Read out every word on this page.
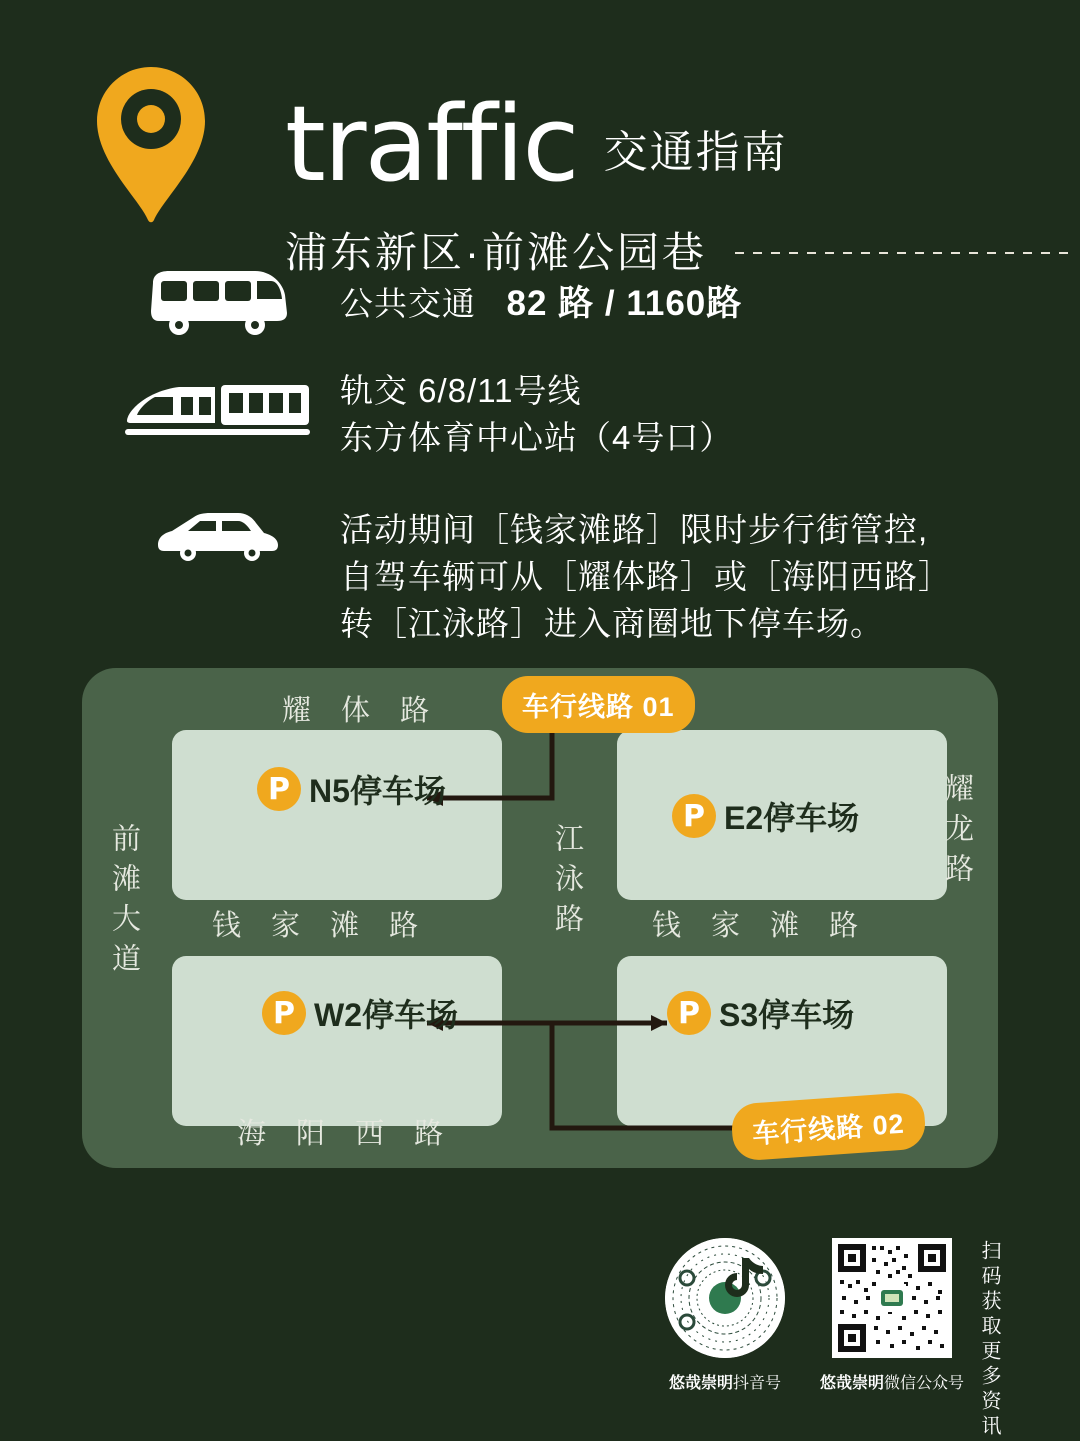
traffic 交通指南
浦东新区·前滩公园巷
公共交通 82 路 / 1160路
轨交 6/8/11号线
东方体育中心站（4号口）
活动期间［钱家滩路］限时步行街管控,
自驾车辆可从［耀体路］或［海阳西路］
转［江泳路］进入商圈地下停车场。
P N5停车场
P E2停车场
P W2停车场	P S3停车场
耀 体 路
钱 家 滩 路	钱 家 滩 路
海 阳 西 路
前滩大道	耀龙路
江泳路
车行线路 01
车行线路 02
悠哉崇明抖音号 悠哉崇明微信公众号 扫码获取更多资讯
